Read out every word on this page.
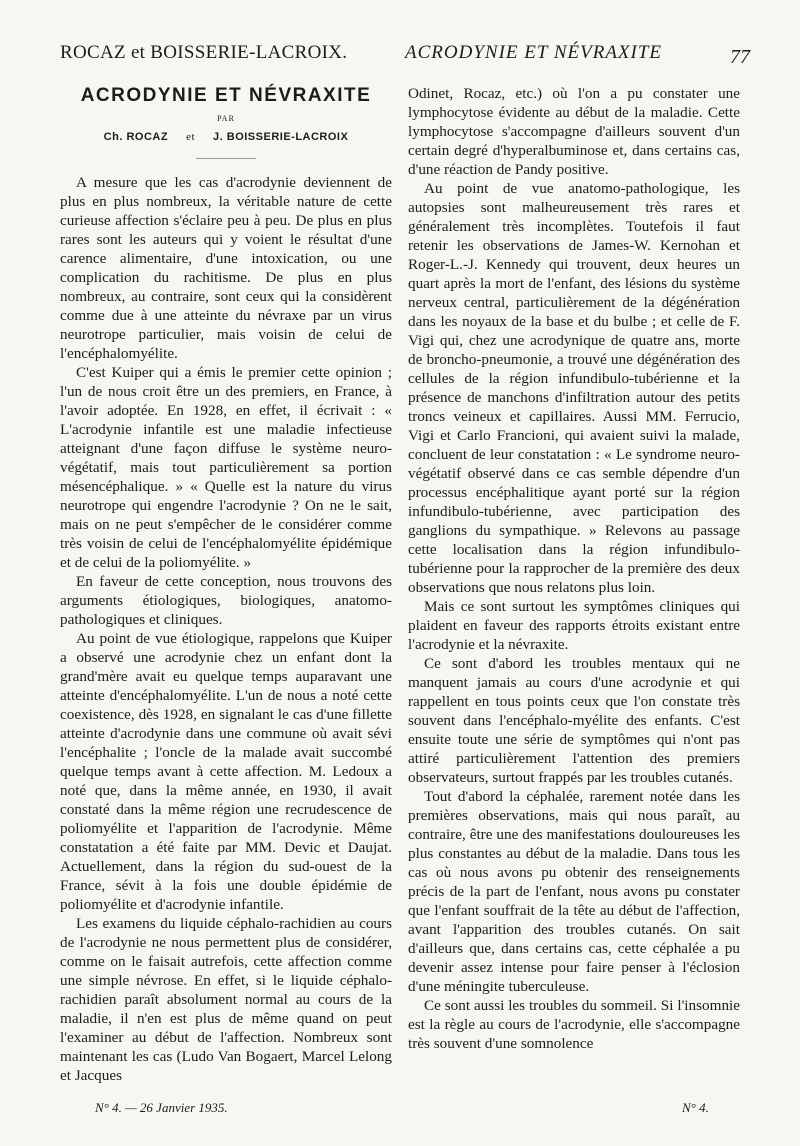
ROCAZ et BOISSERIE-LACROIX.	ACRODYNIE ET NÉVRAXITE	77
ACRODYNIE ET NÉVRAXITE
PAR
Ch. ROCAZ et J. BOISSERIE-LACROIX

A mesure que les cas d'acrodynie deviennent de plus en plus nombreux, la véritable nature de cette curieuse affection s'éclaire peu à peu. De plus en plus rares sont les auteurs qui y voient le résultat d'une carence alimentaire, d'une intoxication, ou une complication du rachitisme. De plus en plus nombreux, au contraire, sont ceux qui la considèrent comme due à une atteinte du névraxe par un virus neurotrope particulier, mais voisin de celui de l'encéphalomyélite.

C'est Kuiper qui a émis le premier cette opinion ; l'un de nous croit être un des premiers, en France, à l'avoir adoptée. En 1928, en effet, il écrivait : « L'acrodynie infantile est une maladie infectieuse atteignant d'une façon diffuse le système neuro-végétatif, mais tout particulièrement sa portion mésencéphalique. » « Quelle est la nature du virus neurotrope qui engendre l'acrodynie ? On ne le sait, mais on ne peut s'empêcher de le considérer comme très voisin de celui de l'encéphalomyélite épidémique et de celui de la poliomyélite. »

En faveur de cette conception, nous trouvons des arguments étiologiques, biologiques, anatomo-pathologiques et cliniques.

Au point de vue étiologique, rappelons que Kuiper a observé une acrodynie chez un enfant dont la grand'mère avait eu quelque temps auparavant une atteinte d'encéphalomyélite. L'un de nous a noté cette coexistence, dès 1928, en signalant le cas d'une fillette atteinte d'acrodynie dans une commune où avait sévi l'encéphalite ; l'oncle de la malade avait succombé quelque temps avant à cette affection. M. Ledoux a noté que, dans la même année, en 1930, il avait constaté dans la même région une recrudescence de poliomyélite et l'apparition de l'acrodynie. Même constatation a été faite par MM. Devic et Daujat. Actuellement, dans la région du sud-ouest de la France, sévit à la fois une double épidémie de poliomyélite et d'acrodynie infantile.

Les examens du liquide céphalo-rachidien au cours de l'acrodynie ne nous permettent plus de considérer, comme on le faisait autrefois, cette affection comme une simple névrose. En effet, si le liquide céphalo-rachidien paraît absolument normal au cours de la maladie, il n'en est plus de même quand on peut l'examiner au début de l'affection. Nombreux sont maintenant les cas (Ludo Van Bogaert, Marcel Lelong et Jacques

Odinet, Rocaz, etc.) où l'on a pu constater une lymphocytose évidente au début de la maladie. Cette lymphocytose s'accompagne d'ailleurs souvent d'un certain degré d'hyperalbuminose et, dans certains cas, d'une réaction de Pandy positive.

Au point de vue anatomo-pathologique, les autopsies sont malheureusement très rares et généralement très incomplètes. Toutefois il faut retenir les observations de James-W. Kernohan et Roger-L.-J. Kennedy qui trouvent, deux heures un quart après la mort de l'enfant, des lésions du système nerveux central, particulièrement de la dégénération dans les noyaux de la base et du bulbe ; et celle de F. Vigi qui, chez une acrodynique de quatre ans, morte de broncho-pneumonie, a trouvé une dégénération des cellules de la région infundibulo-tubérienne et la présence de manchons d'infiltration autour des petits troncs veineux et capillaires. Aussi MM. Ferrucio, Vigi et Carlo Francioni, qui avaient suivi la malade, concluent de leur constatation : « Le syndrome neuro-végétatif observé dans ce cas semble dépendre d'un processus encéphalitique ayant porté sur la région infundibulo-tubérienne, avec participation des ganglions du sympathique. » Relevons au passage cette localisation dans la région infundibulo-tubérienne pour la rapprocher de la première des deux observations que nous relatons plus loin.

Mais ce sont surtout les symptômes cliniques qui plaident en faveur des rapports étroits existant entre l'acrodynie et la névraxite.

Ce sont d'abord les troubles mentaux qui ne manquent jamais au cours d'une acrodynie et qui rappellent en tous points ceux que l'on constate très souvent dans l'encéphalo-myélite des enfants. C'est ensuite toute une série de symptômes qui n'ont pas attiré particulièrement l'attention des premiers observateurs, surtout frappés par les troubles cutanés.

Tout d'abord la céphalée, rarement notée dans les premières observations, mais qui nous paraît, au contraire, être une des manifestations douloureuses les plus constantes au début de la maladie. Dans tous les cas où nous avons pu obtenir des renseignements précis de la part de l'enfant, nous avons pu constater que l'enfant souffrait de la tête au début de l'affection, avant l'apparition des troubles cutanés. On sait d'ailleurs que, dans certains cas, cette céphalée a pu devenir assez intense pour faire penser à l'éclosion d'une méningite tuberculeuse.

Ce sont aussi les troubles du sommeil. Si l'insomnie est la règle au cours de l'acrodynie, elle s'accompagne très souvent d'une somnolence

N° 4. — 26 Janvier 1935.	N° 4.
